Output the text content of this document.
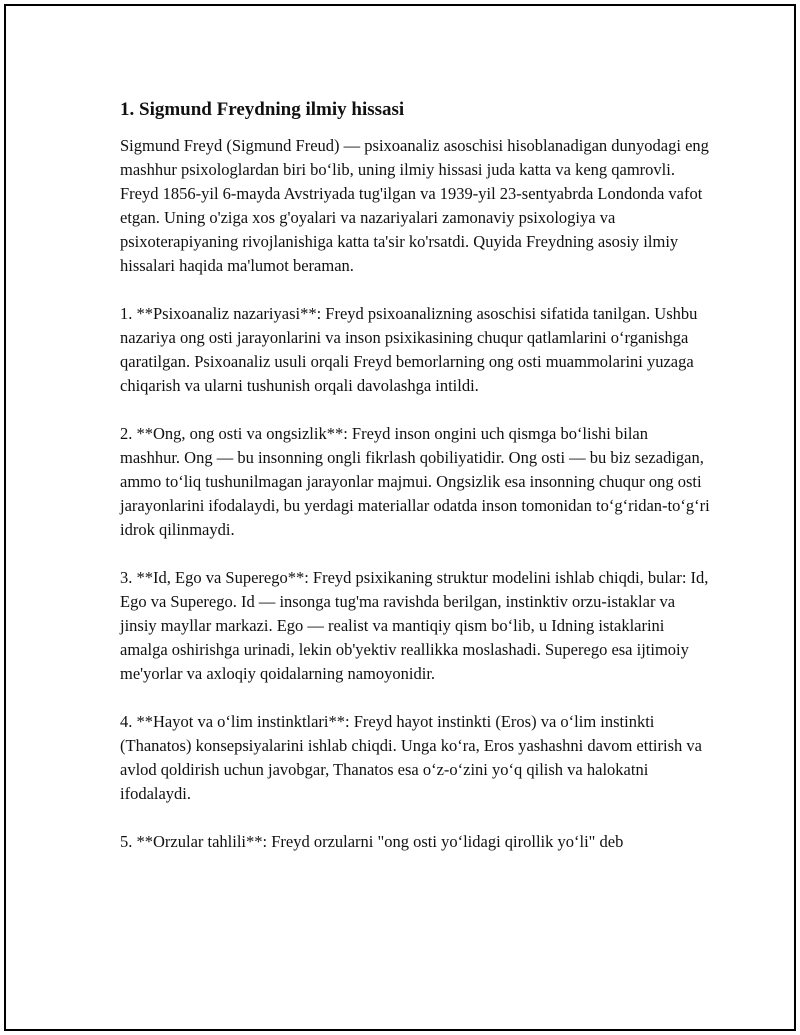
1. Sigmund Freydning ilmiy hissasi

Sigmund Freyd (Sigmund Freud) — psixoanaliz asoschisi hisoblanadigan dunyodagi eng mashhur psixologlardan biri bo‘lib, uning ilmiy hissasi juda katta va keng qamrovli. Freyd 1856-yil 6-mayda Avstriyada tug'ilgan va 1939-yil 23-sentyabrda Londonda vafot etgan. Uning o'ziga xos g'oyalari va nazariyalari zamonaviy psixologiya va psixoterapiyaning rivojlanishiga katta ta'sir ko'rsatdi. Quyida Freydning asosiy ilmiy hissalari haqida ma'lumot beraman.

1. **Psixoanaliz nazariyasi**: Freyd psixoanalizning asoschisi sifatida tanilgan. Ushbu nazariya ong osti jarayonlarini va inson psixikasining chuqur qatlamlarini o‘rganishga qaratilgan. Psixoanaliz usuli orqali Freyd bemorlarning ong osti muammolarini yuzaga chiqarish va ularni tushunish orqali davolashga intildi.

2. **Ong, ong osti va ongsizlik**: Freyd inson ongini uch qismga bo‘lishi bilan mashhur. Ong — bu insonning ongli fikrlash qobiliyatidir. Ong osti — bu biz sezadigan, ammo to‘liq tushunilmagan jarayonlar majmui. Ongsizlik esa insonning chuqur ong osti jarayonlarini ifodalaydi, bu yerdagi materiallar odatda inson tomonidan to‘g‘ridan-to‘g‘ri idrok qilinmaydi.

3. **Id, Ego va Superego**: Freyd psixikaning struktur modelini ishlab chiqdi, bular: Id, Ego va Superego. Id — insonga tug'ma ravishda berilgan, instinktiv orzu-istaklar va jinsiy mayllar markazi. Ego — realist va mantiqiy qism bo‘lib, u Idning istaklarini amalga oshirishga urinadi, lekin ob'yektiv reallikka moslashadi. Superego esa ijtimoiy me'yorlar va axloqiy qoidalarning namoyonidir.

4. **Hayot va o‘lim instinktlari**: Freyd hayot instinkti (Eros) va o‘lim instinkti (Thanatos) konsepsiyalarini ishlab chiqdi. Unga ko‘ra, Eros yashashni davom ettirish va avlod qoldirish uchun javobgar, Thanatos esa o‘z-o‘zini yo‘q qilish va halokatni ifodalaydi.

5. **Orzular tahlili**: Freyd orzularni "ong osti yo‘lidagi qirollik yo‘li" deb
